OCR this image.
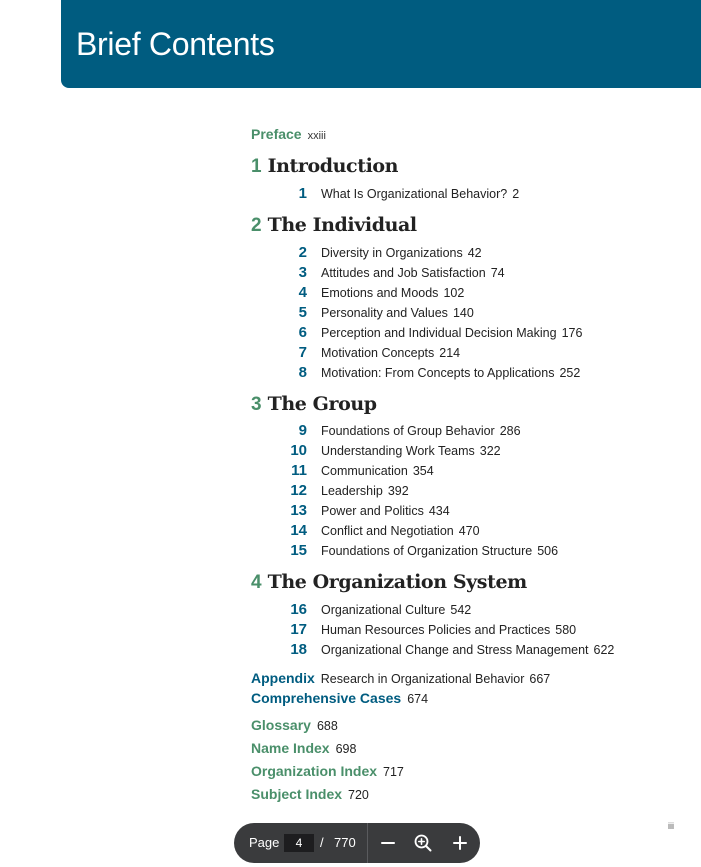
Brief Contents
Preface xxiii
1 Introduction
1 What Is Organizational Behavior? 2
2 The Individual
2 Diversity in Organizations 42
3 Attitudes and Job Satisfaction 74
4 Emotions and Moods 102
5 Personality and Values 140
6 Perception and Individual Decision Making 176
7 Motivation Concepts 214
8 Motivation: From Concepts to Applications 252
3 The Group
9 Foundations of Group Behavior 286
10 Understanding Work Teams 322
11 Communication 354
12 Leadership 392
13 Power and Politics 434
14 Conflict and Negotiation 470
15 Foundations of Organization Structure 506
4 The Organization System
16 Organizational Culture 542
17 Human Resources Policies and Practices 580
18 Organizational Change and Stress Management 622
Appendix Research in Organizational Behavior 667
Comprehensive Cases 674
Glossary 688
Name Index 698
Organization Index 717
Subject Index 720
iii
Page
4	/ 770
